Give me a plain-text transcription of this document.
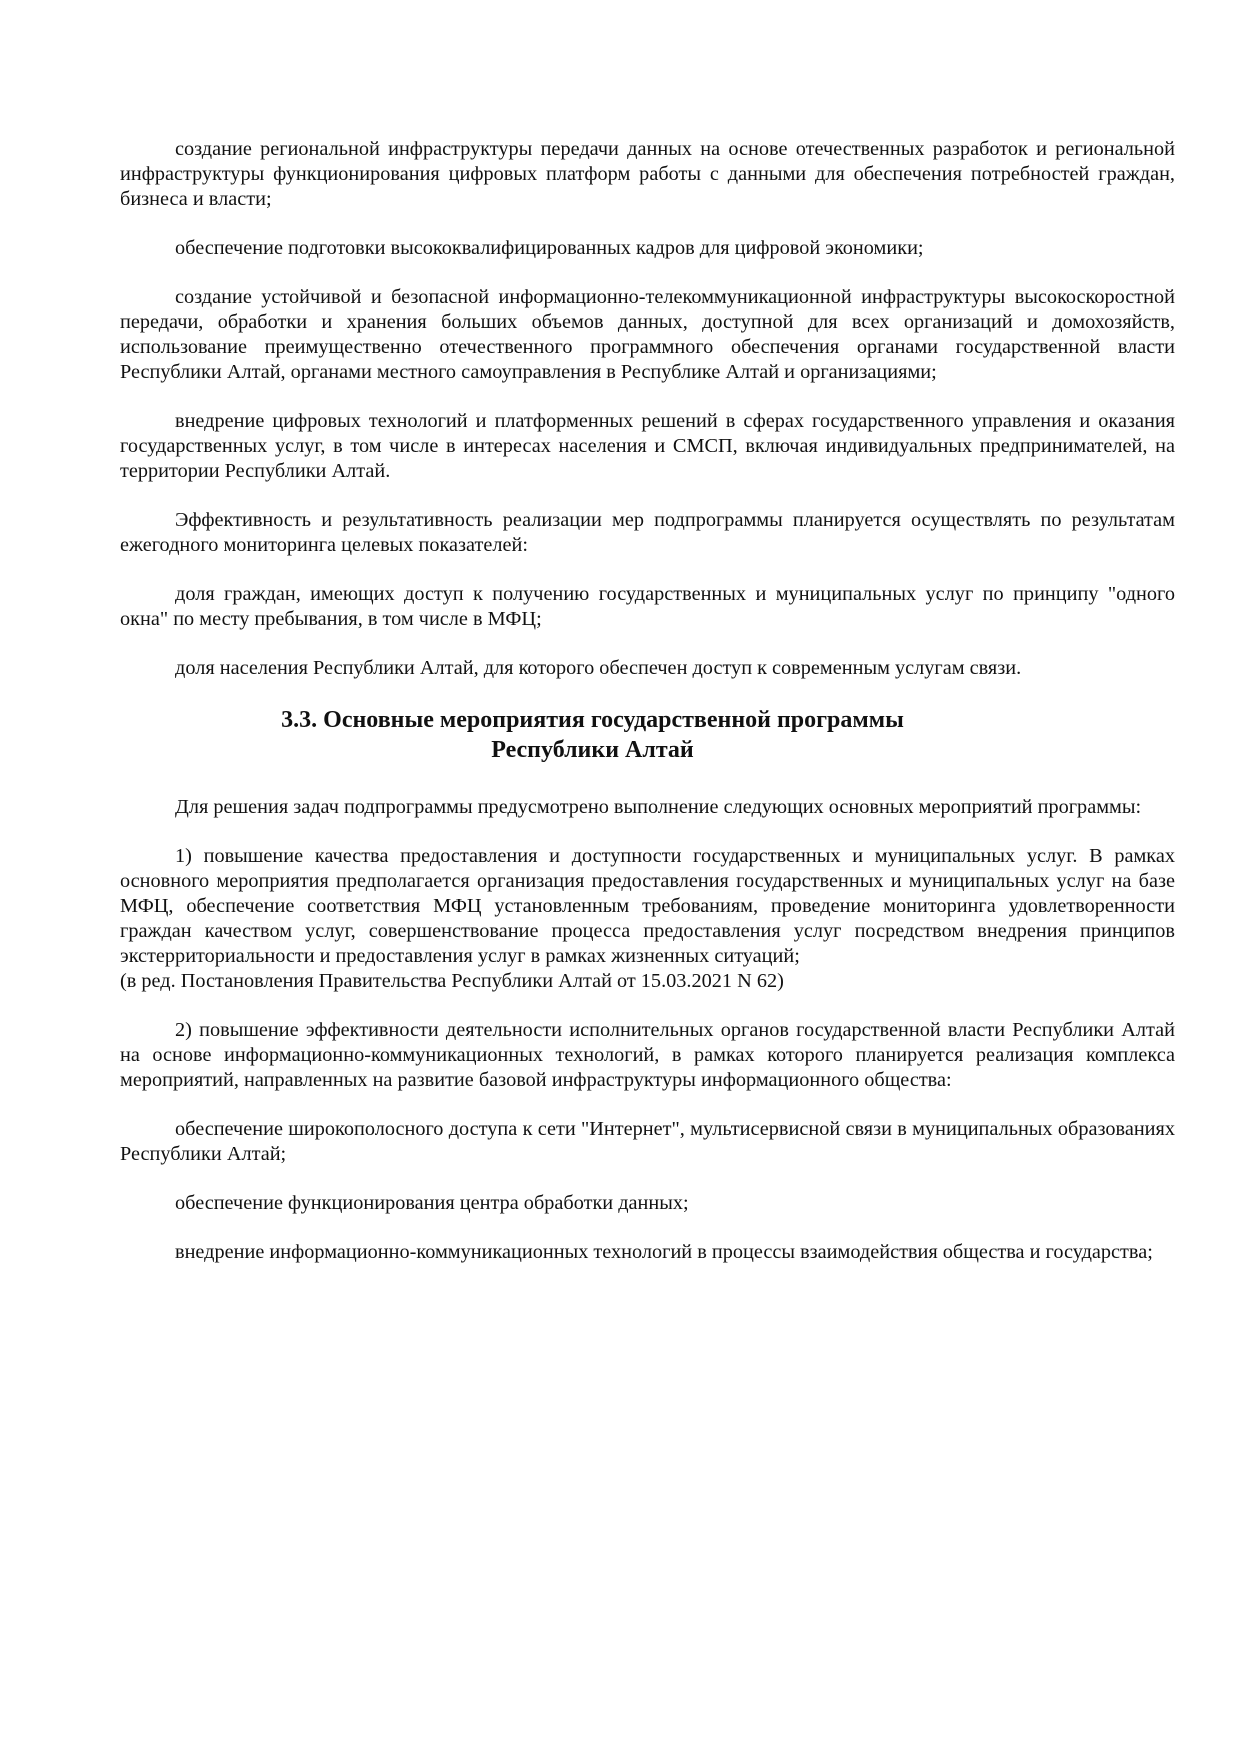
создание региональной инфраструктуры передачи данных на основе отечественных разработок и региональной инфраструктуры функционирования цифровых платформ работы с данными для обеспечения потребностей граждан, бизнеса и власти;

обеспечение подготовки высококвалифицированных кадров для цифровой экономики;

создание устойчивой и безопасной информационно-телекоммуникационной инфраструктуры высокоскоростной передачи, обработки и хранения больших объемов данных, доступной для всех организаций и домохозяйств, использование преимущественно отечественного программного обеспечения органами государственной власти Республики Алтай, органами местного самоуправления в Республике Алтай и организациями;

внедрение цифровых технологий и платформенных решений в сферах государственного управления и оказания государственных услуг, в том числе в интересах населения и СМСП, включая индивидуальных предпринимателей, на территории Республики Алтай.

Эффективность и результативность реализации мер подпрограммы планируется осуществлять по результатам ежегодного мониторинга целевых показателей:

доля граждан, имеющих доступ к получению государственных и муниципальных услуг по принципу "одного окна" по месту пребывания, в том числе в МФЦ;

доля населения Республики Алтай, для которого обеспечен доступ к современным услугам связи.

3.3. Основные мероприятия государственной программы
Республики Алтай

Для решения задач подпрограммы предусмотрено выполнение следующих основных мероприятий программы:

1) повышение качества предоставления и доступности государственных и муниципальных услуг. В рамках основного мероприятия предполагается организация предоставления государственных и муниципальных услуг на базе МФЦ, обеспечение соответствия МФЦ установленным требованиям, проведение мониторинга удовлетворенности граждан качеством услуг, совершенствование процесса предоставления услуг посредством внедрения принципов экстерриториальности и предоставления услуг в рамках жизненных ситуаций;

(в ред. Постановления Правительства Республики Алтай от 15.03.2021 N 62)

2) повышение эффективности деятельности исполнительных органов государственной власти Республики Алтай на основе информационно-коммуникационных технологий, в рамках которого планируется реализация комплекса мероприятий, направленных на развитие базовой инфраструктуры информационного общества:

обеспечение широкополосного доступа к сети "Интернет", мультисервисной связи в муниципальных образованиях Республики Алтай;

обеспечение функционирования центра обработки данных;

внедрение информационно-коммуникационных технологий в процессы взаимодействия общества и государства;
